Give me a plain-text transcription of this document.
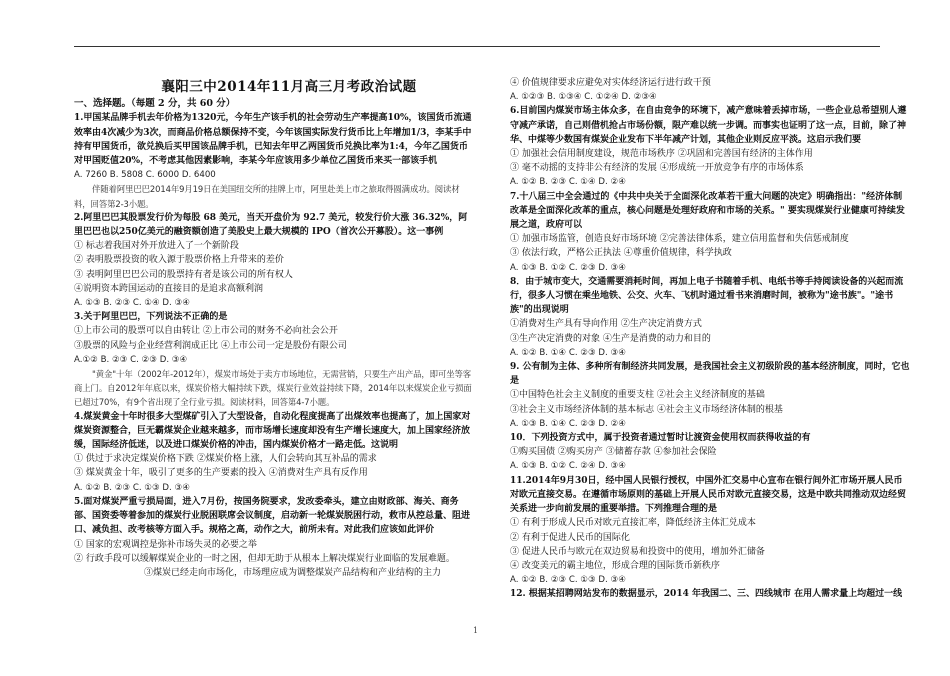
襄阳三中2014年11月高三月考政治试题
一、选择题。（每题 2 分，共 60 分）
1.甲国某品牌手机去年价格为1320元，今年生产该手机的社会劳动生产率提高10%，该国货币流通效率由4次减少为3次，而商品价格总额保持不变，今年该国实际发行货币比上年增加1/3，李某手中持有甲国货币，欲兑换后买甲国该品牌手机，已知去年甲乙两国货币兑换比率为1:4，今年乙国货币对甲国贬值20%，不考虑其他因素影响，李某今年应该用多少单位乙国货币来买一部该手机
A. 7260 B. 5808 C. 6000 D. 6400
伴随着阿里巴巴2014年9月19日在美国纽交所的挂牌上市，阿里赴美上市之旅取得圆满成功。阅读材料，回答第2-3小题。
2.阿里巴巴其股票发行价为每股 68 美元，当天开盘价为 92.7 美元，较发行价大涨 36.32%，阿里巴巴也以250亿美元的融资额创造了美股史上最大规模的 IPO（首次公开募股）。这一事例
① 标志着我国对外开放进入了一个新阶段
② 表明股票投资的收入源于股票价格上升带来的差价
③ 表明阿里巴巴公司的股票持有者是该公司的所有权人
④说明资本跨国运动的直接目的是追求高额利润
A. ①③ B. ②③ C. ①④ D. ③④
3.关于阿里巴巴，下列说法不正确的是
①上市公司的股票可以自由转让 ②上市公司的财务不必向社会公开
③股票的风险与企业经营利润成正比 ④上市公司一定是股份有限公司
A.①② B. ②③ C. ②③ D. ③④
"黄金"十年（2002年-2012年），煤炭市场处于卖方市场地位，无需营销，只要生产出产品，即可坐等客商上门。自2012年年底以来，煤炭价格大幅持续下跌，煤炭行业效益持续下降，2014年以来煤炭企业亏损面已超过70%，有9个省出现了全行业亏损。阅读材料，回答第4-7小题。
4.煤炭黄金十年时很多大型煤矿引入了大型设备，自动化程度提高了出煤效率也提高了，加上国家对煤炭资源整合，巨无霸煤炭企业越来越多，而市场增长速度却没有生产增长速度大，加上国家经济放缓，国际经济低迷，以及进口煤炭价格的冲击，国内煤炭价格才一路走低。这说明
① 供过于求决定煤炭价格下跌 ②煤炭价格上涨，人们会转向其互补品的需求
③ 煤炭黄金十年，吸引了更多的生产要素的投入 ④消费对生产具有反作用
A. ①② B. ②③ C. ①③ D. ③④
5.面对煤炭严重亏损局面，进入7月份，按国务院要求，发改委牵头，建立由财政部、海关、商务部、国资委等着参加的煤炭行业脱困联席会议制度，启动新一轮煤炭脱困行动，救市从控总量、阻进口、减负担、改考核等方面入手。规格之高，动作之大，前所未有。对此我们应该如此评价
① 国家的宏观调控是弥补市场失灵的必要之举
② 行政手段可以缓解煤炭企业的一时之困，但却无助于从根本上解决煤炭行业面临的发展难题。
③煤炭已经走向市场化，市场理应成为调整煤炭产品结构和产业结构的主力
④ 价值规律要求应避免对实体经济运行进行政干预
A. ①②③ B. ①③④ C. ①②④ D. ②③④
6.目前国内煤炭市场主体众多，在自由竞争的环境下，减产意味着丢掉市场，一些企业总希望别人遵守减产承诺，自己则借机抢占市场份额，限产难以统一步调。而事实也证明了这一点，目前，除了神华、中煤等少数国有煤炭企业发布下半年减产计划，其他企业则反应平淡。这启示我们要
① 加强社会信用制度建设，规范市场秩序 ②巩固和完善国有经济的主体作用
③ 毫不动摇的支持非公有经济的发展 ④形成统一开放竞争有序的市场体系
A. ①② B. ②③ C. ①④ D. ②④
7.十八届三中全会通过的《中共中央关于全面深化改革若干重大问题的决定》明确指出："经济体制改革是全面深化改革的重点，核心问题是处理好政府和市场的关系。" 要实现煤炭行业健康可持续发展之道，政府可以
① 加强市场监管，创造良好市场环境 ②完善法律体系，建立信用监督和失信惩戒制度
③ 依法行政，严格公正执法 ④尊重价值规律，科学执政
A. ①③ B. ①② C. ②③ D. ③④
8．由于城市变大，交通需要消耗时间，再加上电子书随着手机、电纸书等手持阅读设备的兴起而流行，很多人习惯在乘坐地铁、公交、火车、飞机时通过看书来消磨时间，被称为"途书族"。"途书族"的出现说明
①消费对生产具有导向作用 ②生产决定消费方式
③生产决定消费的对象 ④生产是消费的动力和目的
A. ①② B. ①④ C. ②③ D. ③④
9. 公有制为主体、多种所有制经济共同发展，是我国社会主义初级阶段的基本经济制度，同时，它也是
①中国特色社会主义制度的重要支柱 ②社会主义经济制度的基础
③社会主义市场经济体制的基本标志 ④社会主义市场经济体制的根基
A. ①③ B. ①④ C. ②③ D. ②④
10．下列投资方式中，属于投资者通过暂时让渡资金使用权而获得收益的有
①购买国债 ②购买房产 ③储蓄存款 ④参加社会保险
A. ①③ B. ①② C. ②④ D. ③④
11.2014年9月30日，经中国人民银行授权，中国外汇交易中心宣布在银行间外汇市场开展人民币对欧元直接交易。在遵循市场原则的基础上开展人民币对欧元直接交易，这是中欧共同推动双边经贸关系进一步向前发展的重要举措。下列推理合理的是
① 有利于形成人民币对欧元直接汇率，降低经济主体汇兑成本
② 有利于促进人民币的国际化
③ 促进人民币与欧元在双边贸易和投资中的使用，增加外汇储备
④ 改变美元的霸主地位，形成合理的国际货币新秩序
A. ①② B. ②③ C. ①③ D. ③④
12. 根据某招聘网站发布的数据显示，2014 年我国二、三、四线城市 在用人需求量上均超过一线
1
